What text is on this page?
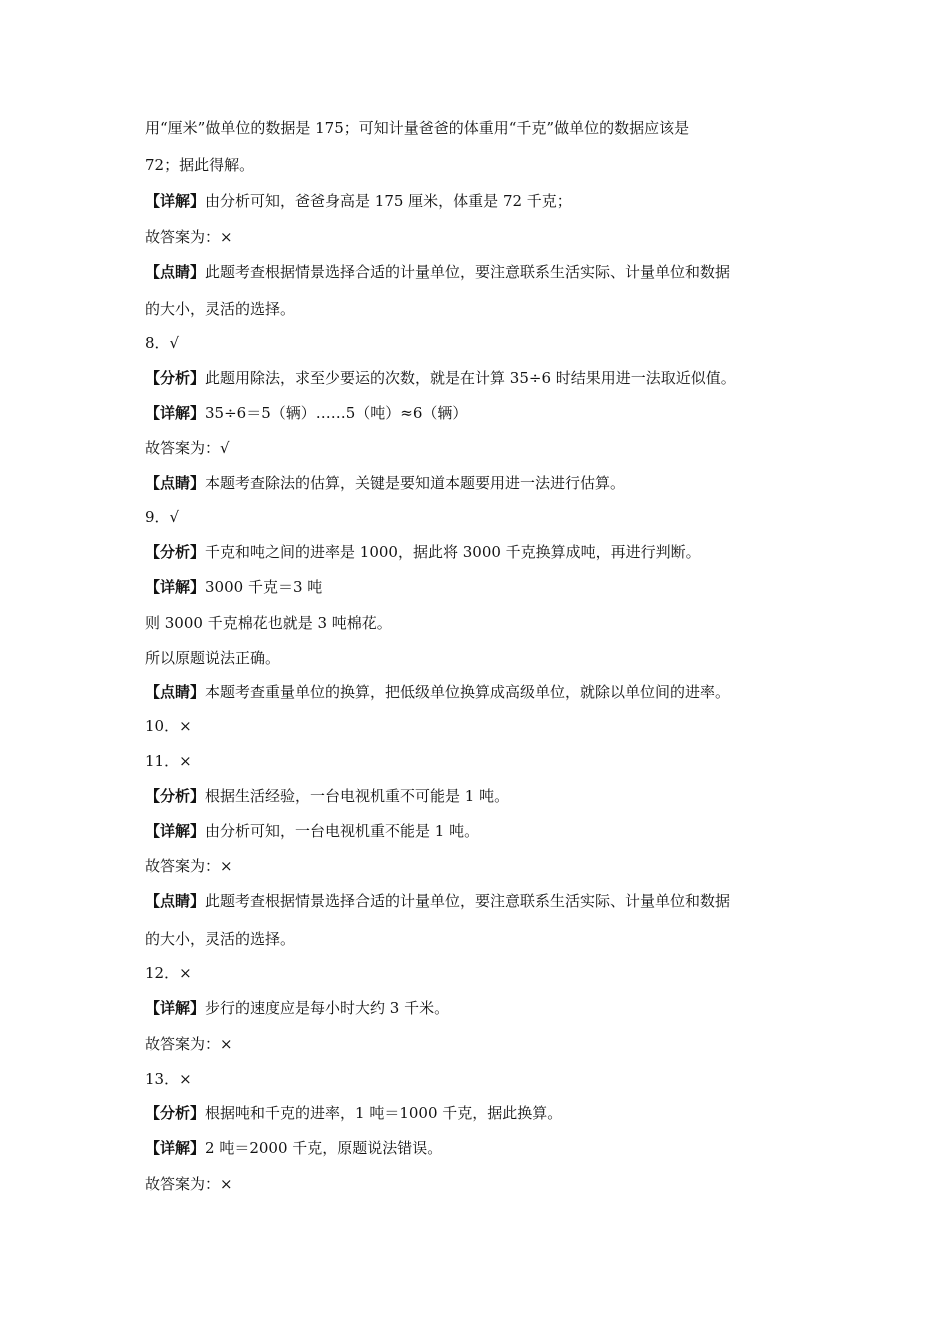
用“厘米”做单位的数据是 175；可知计量爸爸的体重用“千克”做单位的数据应该是
72；据此得解。
【详解】由分析可知，爸爸身高是 175 厘米，体重是 72 千克；
故答案为：×
【点睛】此题考查根据情景选择合适的计量单位，要注意联系生活实际、计量单位和数据
的大小，灵活的选择。
8．√
【分析】此题用除法，求至少要运的次数，就是在计算 35÷6 时结果用进一法取近似值。
【详解】35÷6＝5（辆）……5（吨）≈6（辆）
故答案为：√
【点睛】本题考查除法的估算，关键是要知道本题要用进一法进行估算。
9．√
【分析】千克和吨之间的进率是 1000，据此将 3000 千克换算成吨，再进行判断。
【详解】3000 千克＝3 吨
则 3000 千克棉花也就是 3 吨棉花。
所以原题说法正确。
【点睛】本题考查重量单位的换算，把低级单位换算成高级单位，就除以单位间的进率。
10．×
11．×
【分析】根据生活经验，一台电视机重不可能是 1 吨。
【详解】由分析可知，一台电视机重不能是 1 吨。
故答案为：×
【点睛】此题考查根据情景选择合适的计量单位，要注意联系生活实际、计量单位和数据
的大小，灵活的选择。
12．×
【详解】步行的速度应是每小时大约 3 千米。
故答案为：×
13．×
【分析】根据吨和千克的进率，1 吨＝1000 千克，据此换算。
【详解】2 吨＝2000 千克，原题说法错误。
故答案为：×
